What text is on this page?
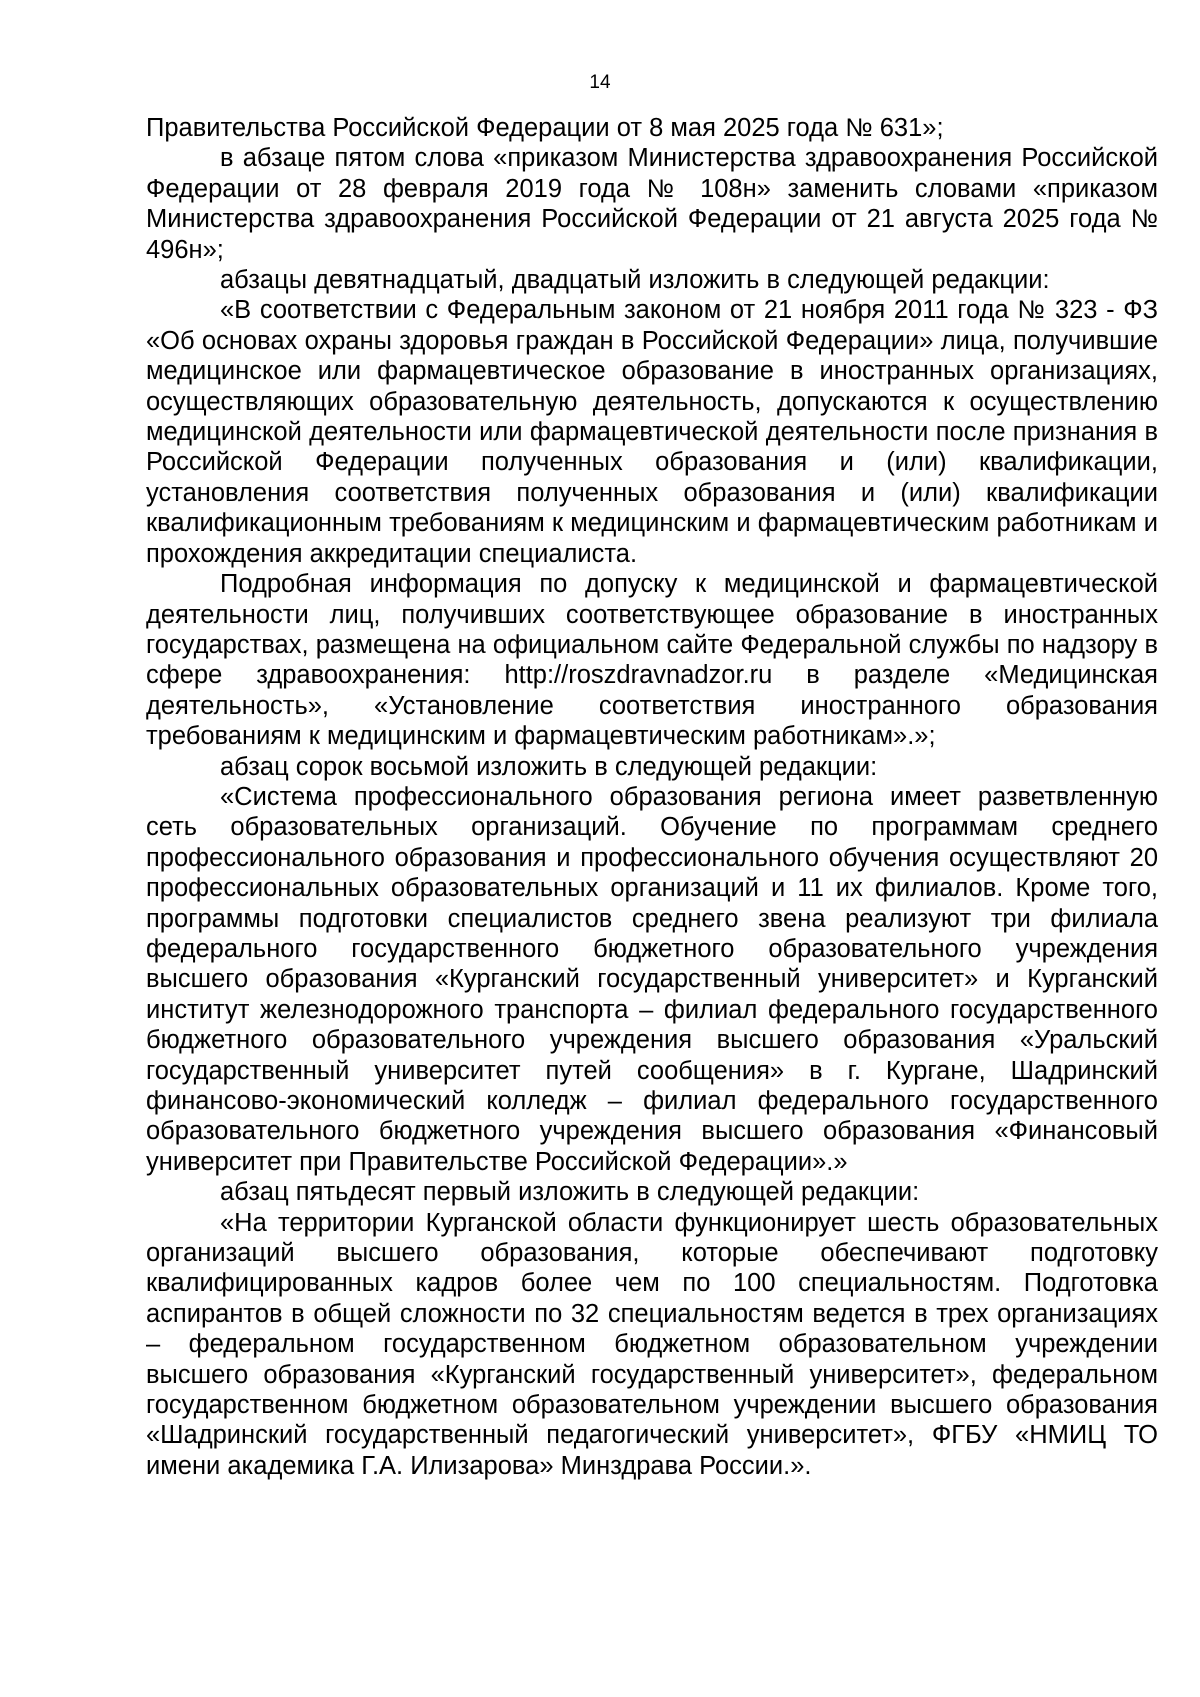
14

Правительства Российской Федерации от 8 мая 2025 года № 631»;

в абзаце пятом слова «приказом Министерства здравоохранения Российской Федерации от 28 февраля 2019 года № 108н» заменить словами «приказом Министерства здравоохранения Российской Федерации от 21 августа 2025 года № 496н»;

абзацы девятнадцатый, двадцатый изложить в следующей редакции:

«В соответствии с Федеральным законом от 21 ноября 2011 года № 323 - ФЗ «Об основах охраны здоровья граждан в Российской Федерации» лица, получившие медицинское или фармацевтическое образование в иностранных организациях, осуществляющих образовательную деятельность, допускаются к осуществлению медицинской деятельности или фармацевтической деятельности после признания в Российской Федерации полученных образования и (или) квалификации, установления соответствия полученных образования и (или) квалификации квалификационным требованиям к медицинским и фармацевтическим работникам и прохождения аккредитации специалиста.

Подробная информация по допуску к медицинской и фармацевтической деятельности лиц, получивших соответствующее образование в иностранных государствах, размещена на официальном сайте Федеральной службы по надзору в сфере здравоохранения: http://roszdravnadzor.ru в разделе «Медицинская деятельность», «Установление соответствия иностранного образования требованиям к медицинским и фармацевтическим работникам».»;

абзац сорок восьмой изложить в следующей редакции:

«Система профессионального образования региона имеет разветвленную сеть образовательных организаций. Обучение по программам среднего профессионального образования и профессионального обучения осуществляют 20 профессиональных образовательных организаций и 11 их филиалов. Кроме того, программы подготовки специалистов среднего звена реализуют три филиала федерального государственного бюджетного образовательного учреждения высшего образования «Курганский государственный университет» и Курганский институт железнодорожного транспорта – филиал федерального государственного бюджетного образовательного учреждения высшего образования «Уральский государственный университет путей сообщения» в г. Кургане, Шадринский финансово-экономический колледж – филиал федерального государственного образовательного бюджетного учреждения высшего образования «Финансовый университет при Правительстве Российской Федерации».»

абзац пятьдесят первый изложить в следующей редакции:

«На территории Курганской области функционирует шесть образовательных организаций высшего образования, которые обеспечивают подготовку квалифицированных кадров более чем по 100 специальностям. Подготовка аспирантов в общей сложности по 32 специальностям ведется в трех организациях – федеральном государственном бюджетном образовательном учреждении высшего образования «Курганский государственный университет», федеральном государственном бюджетном образовательном учреждении высшего образования «Шадринский государственный педагогический университет», ФГБУ «НМИЦ ТО имени академика Г.А. Илизарова» Минздрава России.».
